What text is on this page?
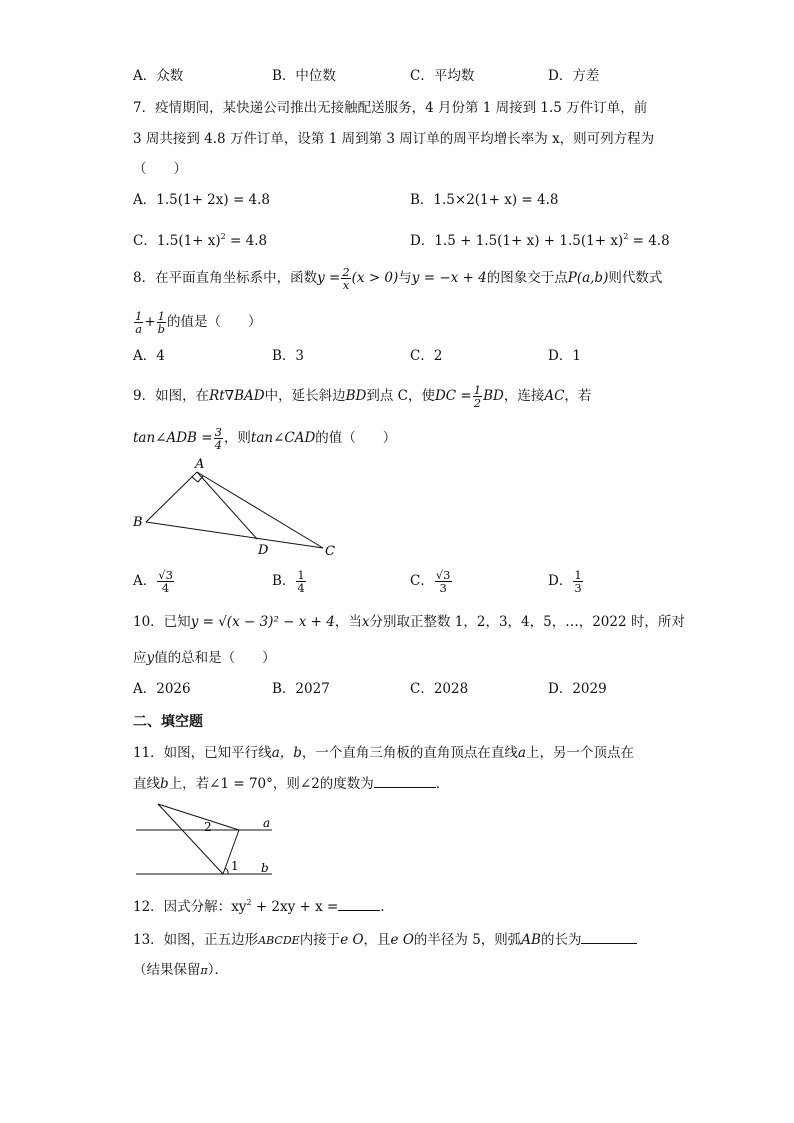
A．众数	B．中位数	C．平均数	D．方差
7．疫情期间，某快递公司推出无接触配送服务，4 月份第 1 周接到 1.5 万件订单，前
3 周共接到 4.8 万件订单，设第 1 周到第 3 周订单的周平均增长率为 x，则可列方程为
（　　）
A．1.5(1+ 2x) = 4.8	B．1.5×2(1+ x) = 4.8
C．$1.5(1+ x)^2 = 4.8$	D．$1.5 + 1.5(1+ x) + 1.5(1+ x)^2 = 4.8$
8．在平面直角坐标系中，函数$y = \frac{2}{x} (x > 0)$与y = −x + 4的图象交于点P(a,b)则代数式
$\frac{1}{a} + \frac{1}{b}$ 的值是（　　）
A．4	B．3	C．2	D．1
9．如图，在Rt∇BAD中，延长斜边BD到点 C，使DC = $\frac{1}{2}$ BD，连接AC，若
tan∠ADB = $\frac{3}{4}$ ，则tan∠CAD的值（　　）
A
B
D	C
A． $\frac{√3}{4}$	B． $\frac{1}{4}$	C． $\frac{√3}{3}$	D． $\frac{1}{3}$
10．已知y = √(x − 3)² − x + 4，当x分别取正整数 1，2，3，4，5，…，2022 时，所对
应y值的总和是（　　）
A．2026	B．2027	C．2028	D．2029
二、填空题
11．如图，已知平行线a，b，一个直角三角板的直角顶点在直线a上，另一个顶点在
直线b上，若∠1 = 70°，则∠2的度数为	．
2
1
a
b
12．因式分解：$xy^2 + 2xy + x$ =	．
13．如图，正五边形ABCDE内接于e O，且e O的半径为 5，则弧AB的长为
（结果保留π）．
